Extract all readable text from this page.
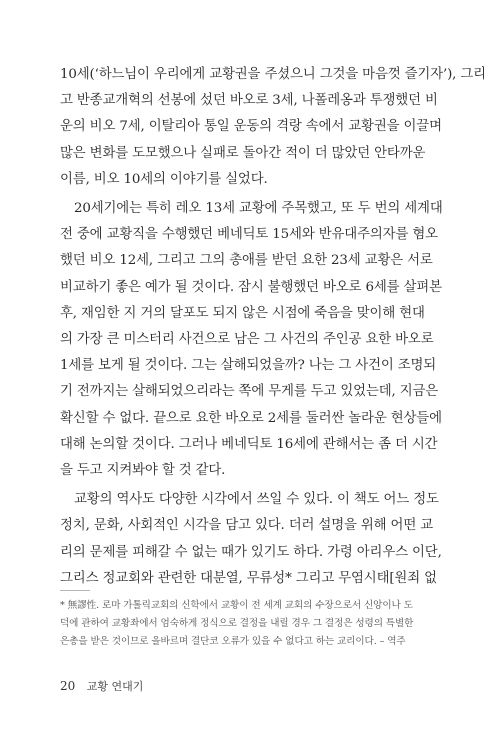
10세(‘하느님이 우리에게 교황권을 주셨으니 그것을 마음껏 즐기자’), 그리
고 반종교개혁의 선봉에 섰던 바오로 3세, 나폴레옹과 투쟁했던 비
운의 비오 7세, 이탈리아 통일 운동의 격랑 속에서 교황권을 이끌며
많은 변화를 도모했으나 실패로 돌아간 적이 더 많았던 안타까운
이름, 비오 10세의 이야기를 실었다.

20세기에는 특히 레오 13세 교황에 주목했고, 또 두 번의 세계대
전 중에 교황직을 수행했던 베네딕토 15세와 반유대주의자를 혐오
했던 비오 12세, 그리고 그의 총애를 받던 요한 23세 교황은 서로
비교하기 좋은 예가 될 것이다. 잠시 불행했던 바오로 6세를 살펴본
후, 재임한 지 거의 달포도 되지 않은 시점에 죽음을 맞이해 현대
의 가장 큰 미스터리 사건으로 남은 그 사건의 주인공 요한 바오로
1세를 보게 될 것이다. 그는 살해되었을까? 나는 그 사건이 조명되
기 전까지는 살해되었으리라는 쪽에 무게를 두고 있었는데, 지금은
확신할 수 없다. 끝으로 요한 바오로 2세를 둘러싼 놀라운 현상들에
대해 논의할 것이다. 그러나 베네딕토 16세에 관해서는 좀 더 시간
을 두고 지켜봐야 할 것 같다.

교황의 역사도 다양한 시각에서 쓰일 수 있다. 이 책도 어느 정도
정치, 문화, 사회적인 시각을 담고 있다. 더러 설명을 위해 어떤 교
리의 문제를 피해갈 수 없는 때가 있기도 하다. 가령 아리우스 이단,
그리스 정교회와 관련한 대분열, 무류성* 그리고 무염시태[원죄 없

* 無謬性. 로마 가톨릭교회의 신학에서 교황이 전 세계 교회의 수장으로서 신앙이나 도
덕에 관하여 교황좌에서 엄숙하게 정식으로 결정을 내릴 경우 그 결정은 성령의 특별한
은총을 받은 것이므로 올바르며 결단코 오류가 있을 수 없다고 하는 교리이다. – 역주
20 교황 연대기
